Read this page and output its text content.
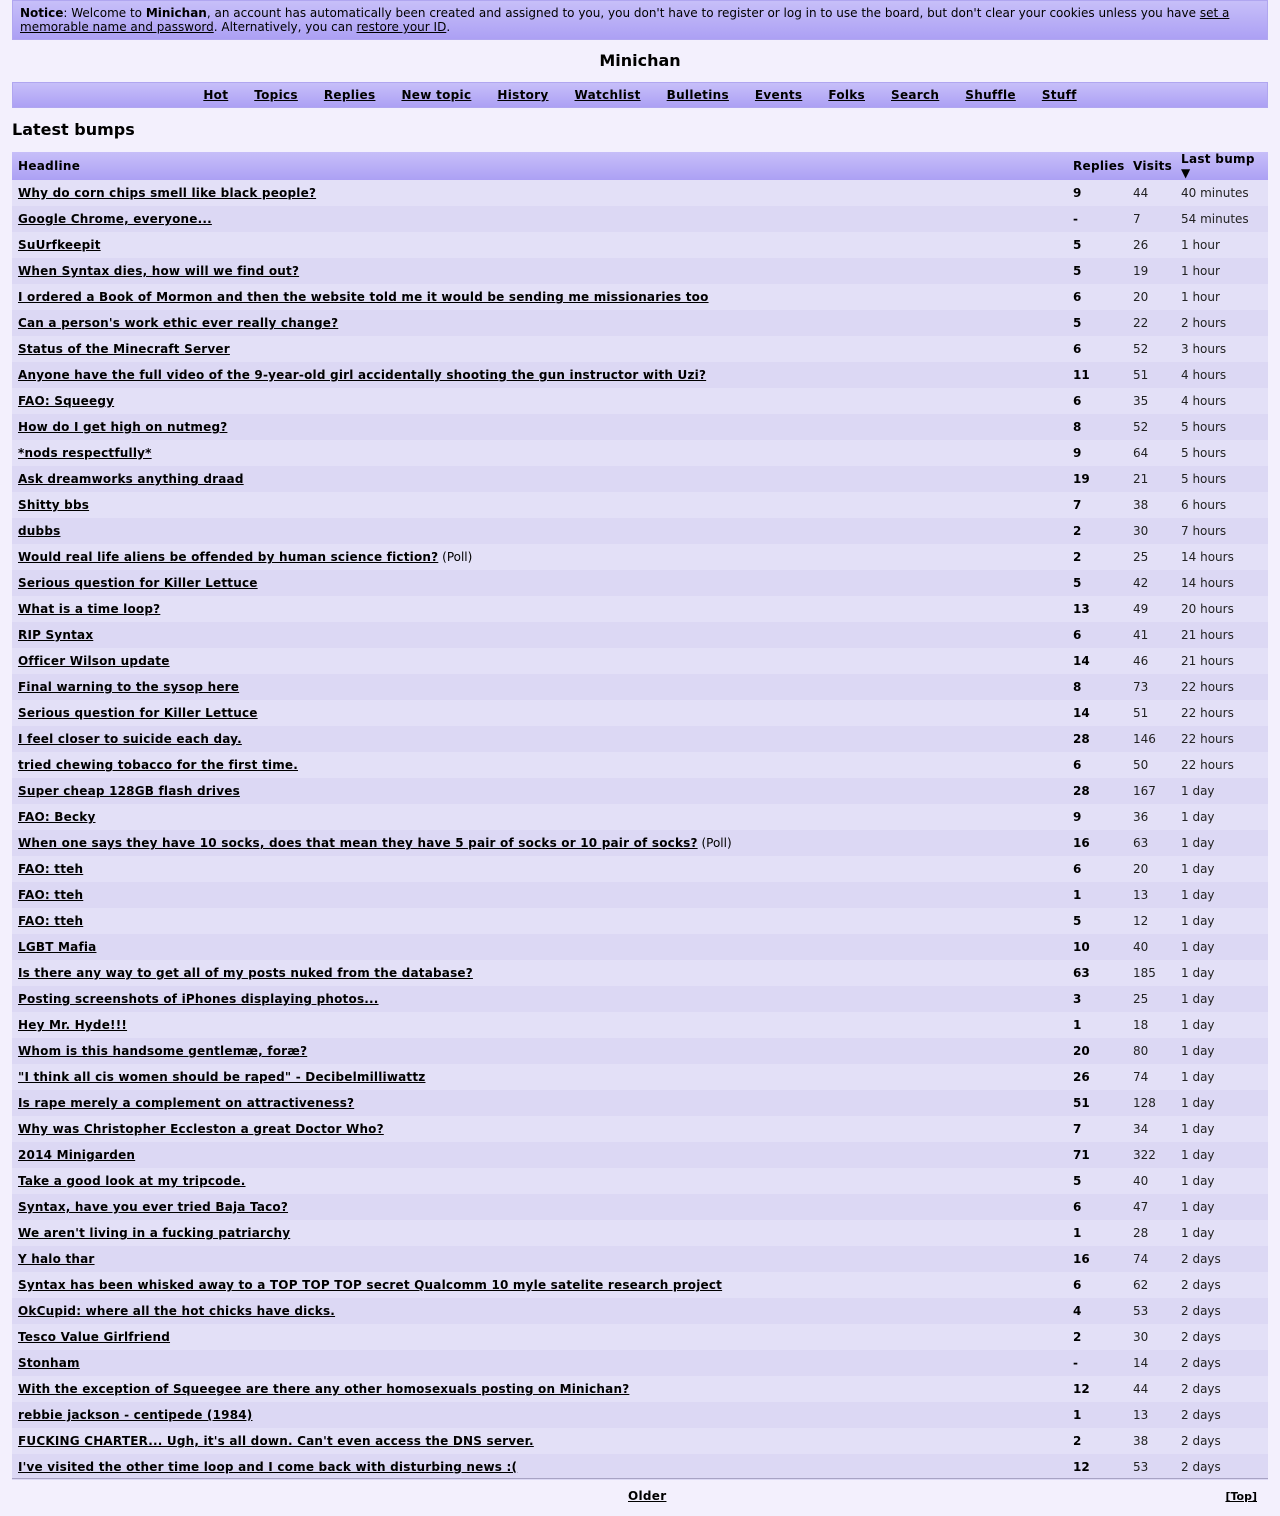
Notice: Welcome to Minichan, an account has automatically been created and assigned to you, you don't have to register or log in to use the board, but don't clear your cookies unless you have set a memorable name and password. Alternatively, you can restore your ID.
Minichan
Hot Topics Replies New topic History Watchlist Bulletins Events Folks Search Shuffle Stuff
Latest bumps
Headline	Replies	Visits	Last bump ▼
Why do corn chips smell like black people?	9	44	40 minutes
Google Chrome, everyone...	-	7	54 minutes
SuUrfkeepit	5	26	1 hour
When Syntax dies, how will we find out?	5	19	1 hour
I ordered a Book of Mormon and then the website told me it would be sending me missionaries too	6	20	1 hour
Can a person's work ethic ever really change?	5	22	2 hours
Status of the Minecraft Server	6	52	3 hours
Anyone have the full video of the 9-year-old girl accidentally shooting the gun instructor with Uzi?	11	51	4 hours
FAO: Squeegy	6	35	4 hours
How do I get high on nutmeg?	8	52	5 hours
*nods respectfully*	9	64	5 hours
Ask dreamworks anything draad	19	21	5 hours
Shitty bbs	7	38	6 hours
dubbs	2	30	7 hours
Would real life aliens be offended by human science fiction? (Poll)	2	25	14 hours
Serious question for Killer Lettuce	5	42	14 hours
What is a time loop?	13	49	20 hours
RIP Syntax	6	41	21 hours
Officer Wilson update	14	46	21 hours
Final warning to the sysop here	8	73	22 hours
Serious question for Killer Lettuce	14	51	22 hours
I feel closer to suicide each day.	28	146	22 hours
tried chewing tobacco for the first time.	6	50	22 hours
Super cheap 128GB flash drives	28	167	1 day
FAO: Becky	9	36	1 day
When one says they have 10 socks, does that mean they have 5 pair of socks or 10 pair of socks? (Poll)	16	63	1 day
FAO: tteh	6	20	1 day
FAO: tteh	1	13	1 day
FAO: tteh	5	12	1 day
LGBT Mafia	10	40	1 day
Is there any way to get all of my posts nuked from the database?	63	185	1 day
Posting screenshots of iPhones displaying photos...	3	25	1 day
Hey Mr. Hyde!!!	1	18	1 day
Whom is this handsome gentlemæ, foræ?	20	80	1 day
"I think all cis women should be raped" - Decibelmilliwattz	26	74	1 day
Is rape merely a complement on attractiveness?	51	128	1 day
Why was Christopher Eccleston a great Doctor Who?	7	34	1 day
2014 Minigarden	71	322	1 day
Take a good look at my tripcode.	5	40	1 day
Syntax, have you ever tried Baja Taco?	6	47	1 day
We aren't living in a fucking patriarchy	1	28	1 day
Y halo thar	16	74	2 days
Syntax has been whisked away to a TOP TOP TOP secret Qualcomm 10 myle satelite research project	6	62	2 days
OkCupid: where all the hot chicks have dicks.	4	53	2 days
Tesco Value Girlfriend	2	30	2 days
Stonham	-	14	2 days
With the exception of Squeegee are there any other homosexuals posting on Minichan?	12	44	2 days
rebbie jackson - centipede (1984)	1	13	2 days
FUCKING CHARTER... Ugh, it's all down. Can't even access the DNS server.	2	38	2 days
I've visited the other time loop and I come back with disturbing news :(	12	53	2 days
Older	[Top]
